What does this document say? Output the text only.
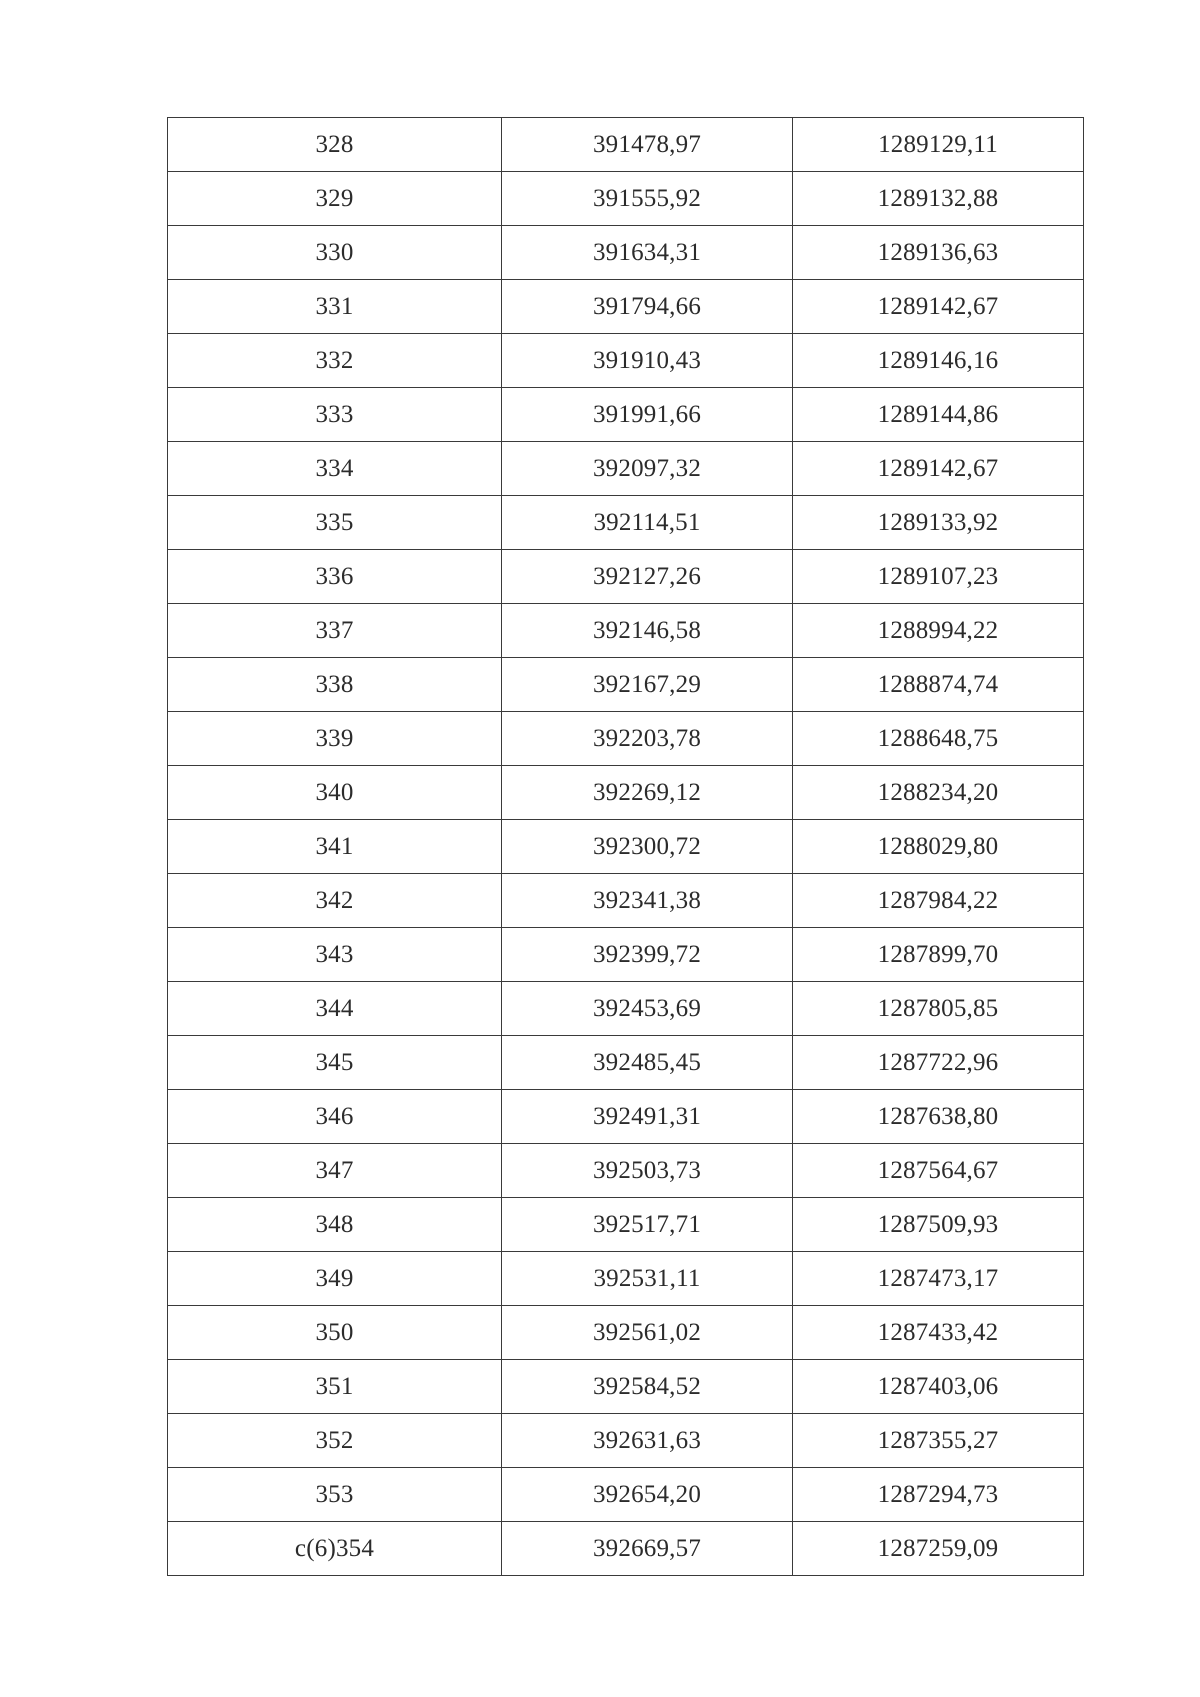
328	391478,97	1289129,11
329	391555,92	1289132,88
330	391634,31	1289136,63
331	391794,66	1289142,67
332	391910,43	1289146,16
333	391991,66	1289144,86
334	392097,32	1289142,67
335	392114,51	1289133,92
336	392127,26	1289107,23
337	392146,58	1288994,22
338	392167,29	1288874,74
339	392203,78	1288648,75
340	392269,12	1288234,20
341	392300,72	1288029,80
342	392341,38	1287984,22
343	392399,72	1287899,70
344	392453,69	1287805,85
345	392485,45	1287722,96
346	392491,31	1287638,80
347	392503,73	1287564,67
348	392517,71	1287509,93
349	392531,11	1287473,17
350	392561,02	1287433,42
351	392584,52	1287403,06
352	392631,63	1287355,27
353	392654,20	1287294,73
c(6)354	392669,57	1287259,09
